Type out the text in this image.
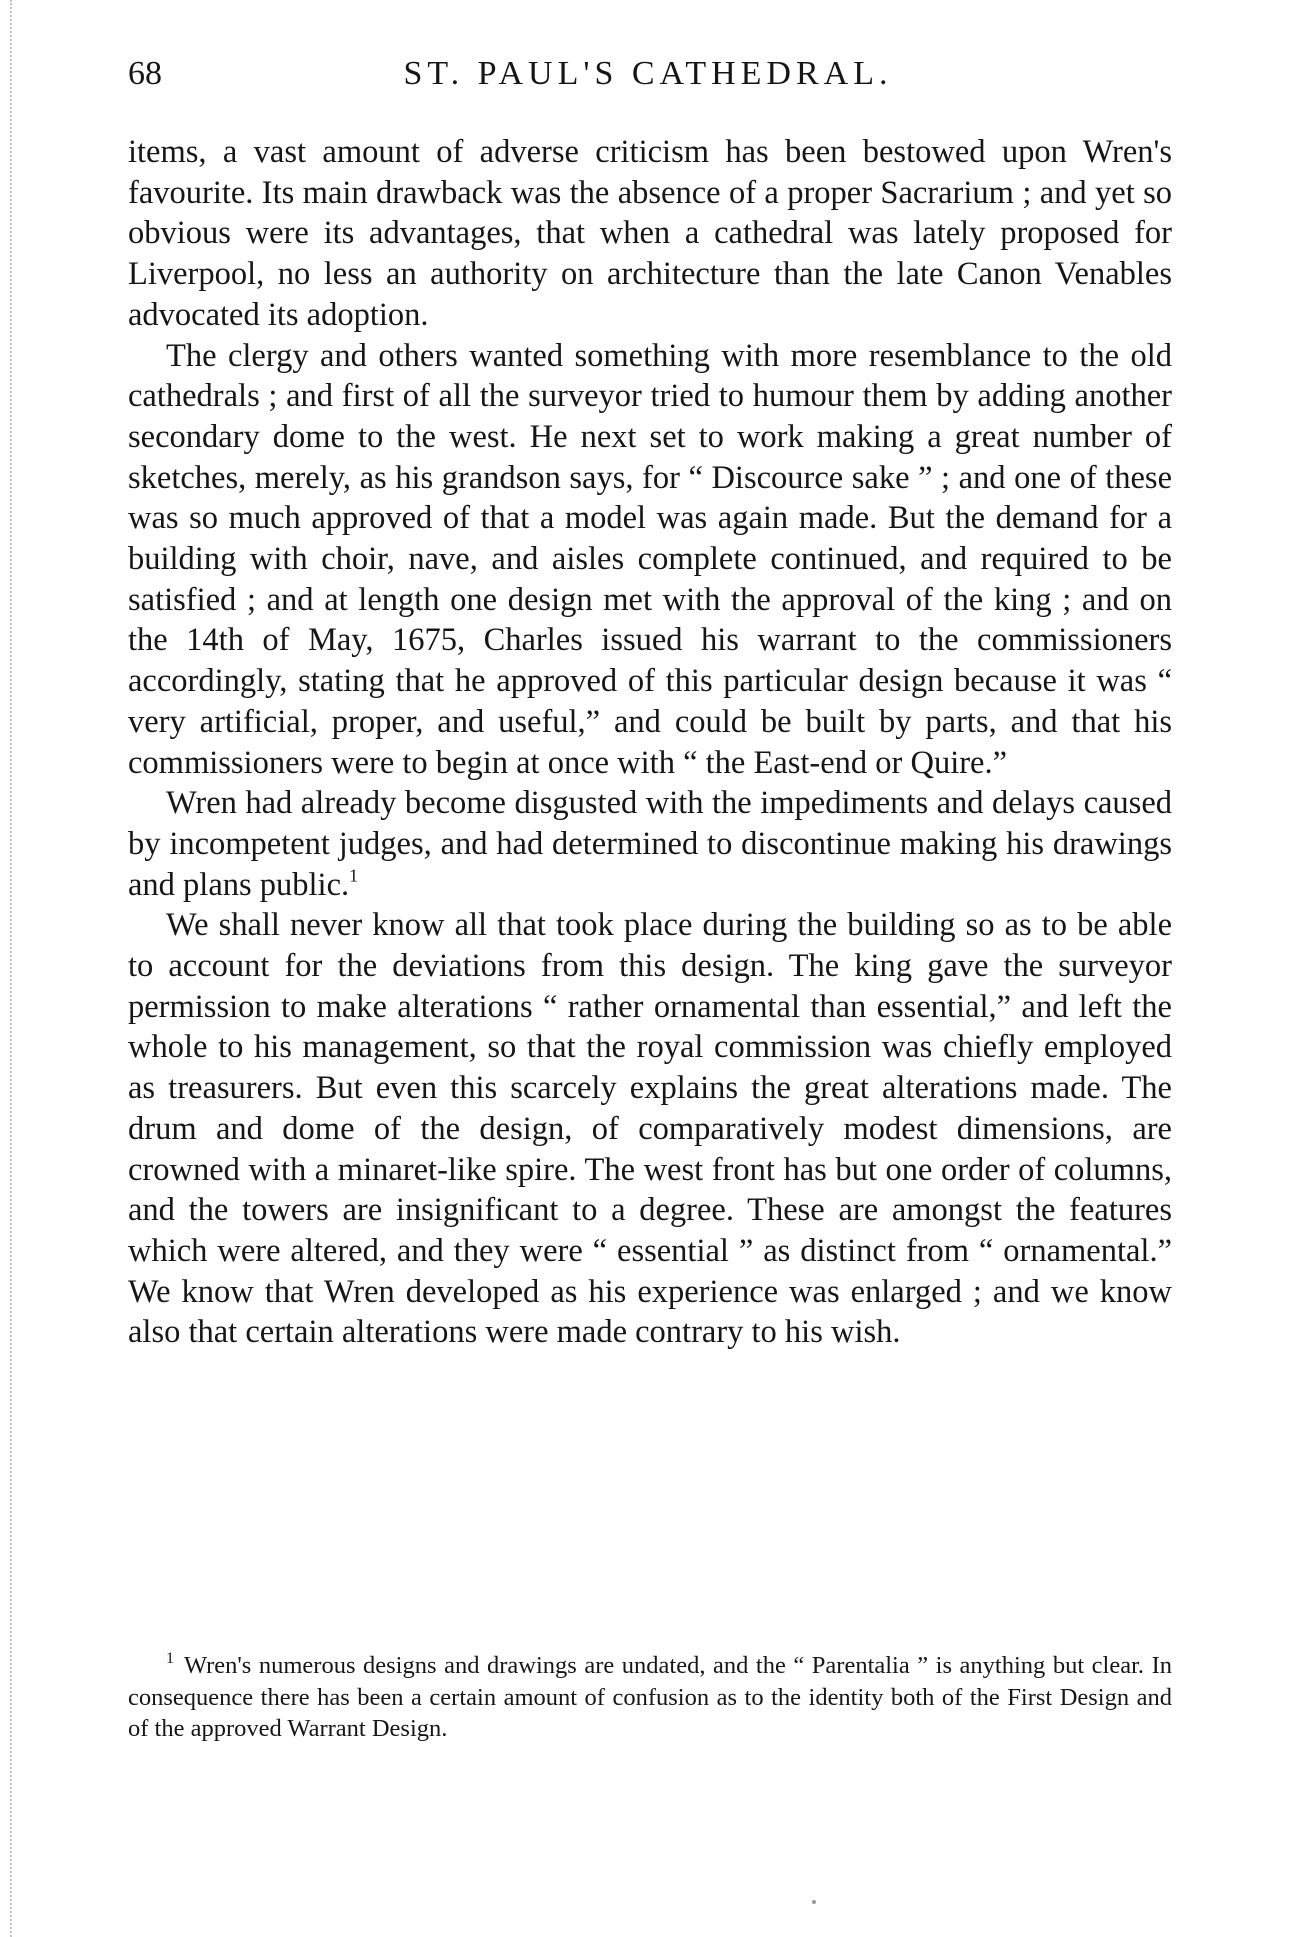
68	ST. PAUL'S CATHEDRAL.

items, a vast amount of adverse criticism has been bestowed upon Wren's favourite. Its main drawback was the absence of a proper Sacrarium ; and yet so obvious were its advantages, that when a cathedral was lately proposed for Liverpool, no less an authority on architecture than the late Canon Venables advocated its adoption.

The clergy and others wanted something with more resemblance to the old cathedrals ; and first of all the surveyor tried to humour them by adding another secondary dome to the west. He next set to work making a great number of sketches, merely, as his grandson says, for “ Discource sake ” ; and one of these was so much approved of that a model was again made. But the demand for a building with choir, nave, and aisles complete continued, and required to be satisfied ; and at length one design met with the approval of the king ; and on the 14th of May, 1675, Charles issued his warrant to the commissioners accordingly, stating that he approved of this particular design because it was “ very artificial, proper, and useful,” and could be built by parts, and that his commissioners were to begin at once with “ the East-end or Quire.”

Wren had already become disgusted with the impediments and delays caused by incompetent judges, and had determined to discontinue making his drawings and plans public.$^1$

We shall never know all that took place during the building so as to be able to account for the deviations from this design. The king gave the surveyor permission to make alterations “ rather ornamental than essential,” and left the whole to his management, so that the royal commission was chiefly employed as treasurers. But even this scarcely explains the great alterations made. The drum and dome of the design, of comparatively modest dimensions, are crowned with a minaret-like spire. The west front has but one order of columns, and the towers are insignificant to a degree. These are amongst the features which were altered, and they were “ essential ” as distinct from “ ornamental.” We know that Wren developed as his experience was enlarged ; and we know also that certain alterations were made contrary to his wish.

$^1$ Wren's numerous designs and drawings are undated, and the “ Parentalia ” is anything but clear. In consequence there has been a certain amount of confusion as to the identity both of the First Design and of the approved Warrant Design.
